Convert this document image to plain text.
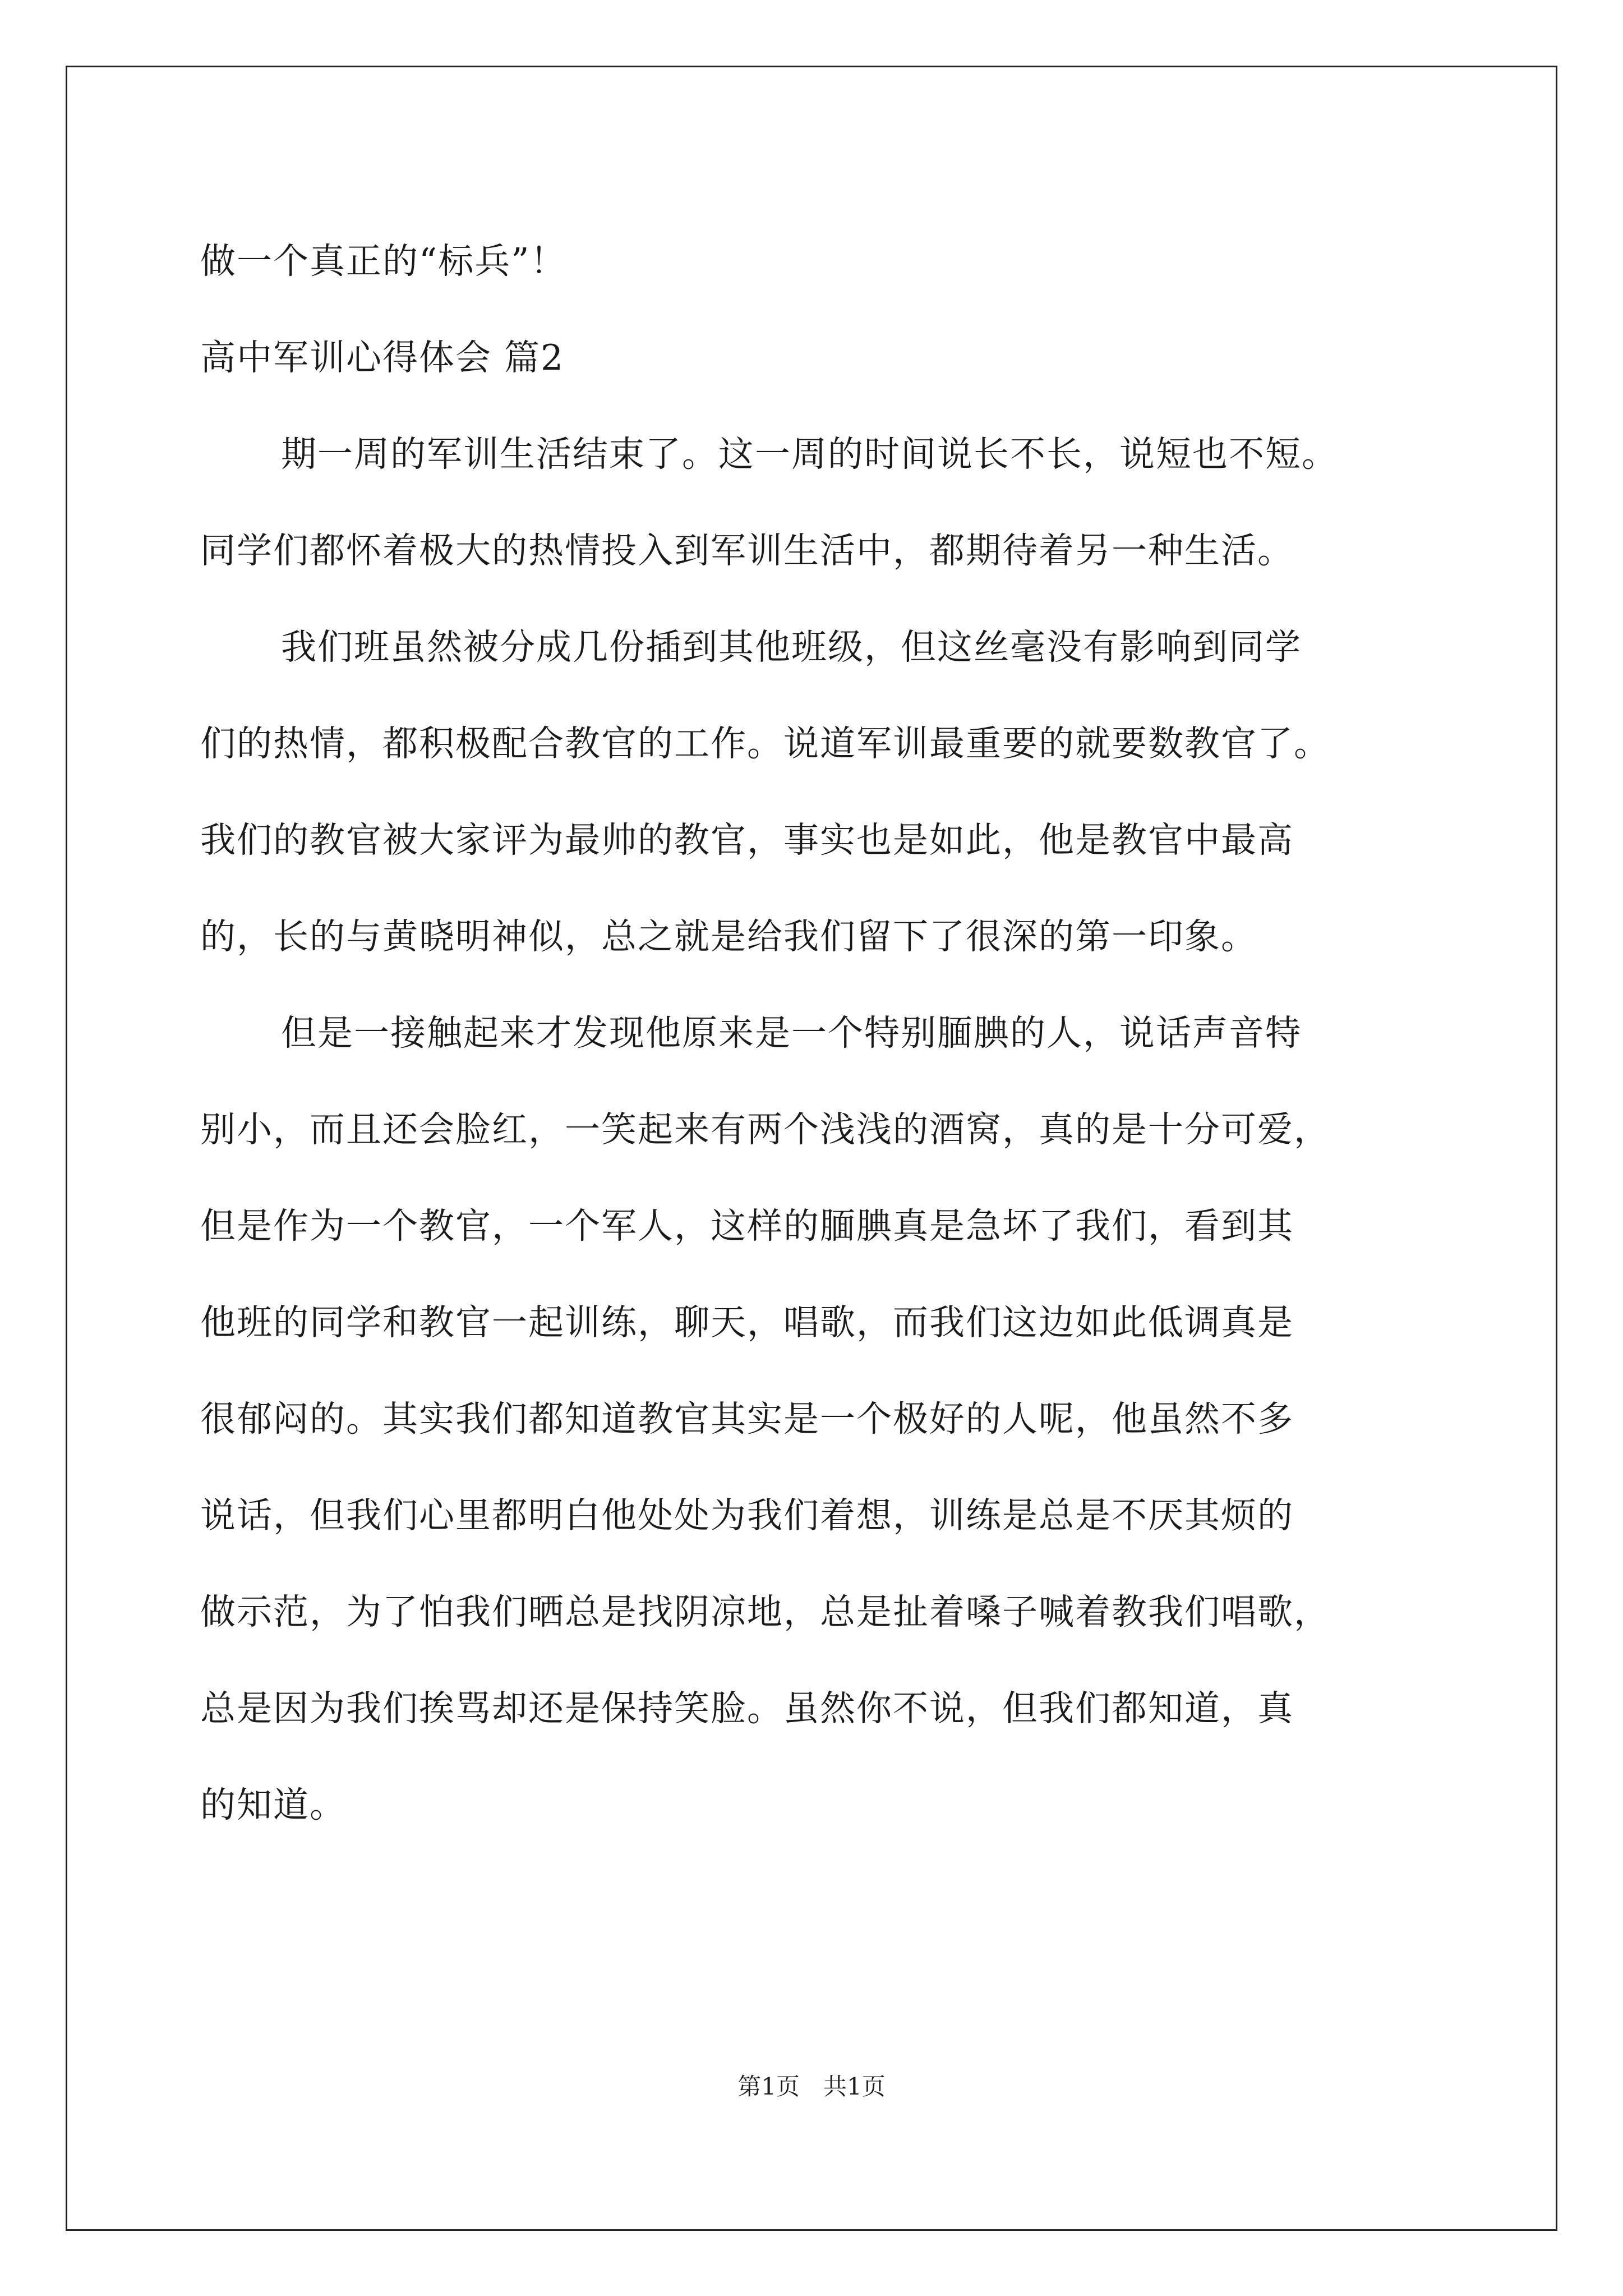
做一个真正的“标兵”！
高中军训心得体会 篇2
期一周的军训生活结束了。这一周的时间说长不长，说短也不短。
同学们都怀着极大的热情投入到军训生活中，都期待着另一种生活。
我们班虽然被分成几份插到其他班级，但这丝毫没有影响到同学
们的热情，都积极配合教官的工作。说道军训最重要的就要数教官了。
我们的教官被大家评为最帅的教官，事实也是如此，他是教官中最高
的，长的与黄晓明神似，总之就是给我们留下了很深的第一印象。
但是一接触起来才发现他原来是一个特别腼腆的人，说话声音特
别小，而且还会脸红，一笑起来有两个浅浅的酒窝，真的是十分可爱，
但是作为一个教官，一个军人，这样的腼腆真是急坏了我们，看到其
他班的同学和教官一起训练，聊天，唱歌，而我们这边如此低调真是
很郁闷的。其实我们都知道教官其实是一个极好的人呢，他虽然不多
说话，但我们心里都明白他处处为我们着想，训练是总是不厌其烦的
做示范，为了怕我们晒总是找阴凉地，总是扯着嗓子喊着教我们唱歌，
总是因为我们挨骂却还是保持笑脸。虽然你不说，但我们都知道，真
的知道。
第1页　共1页
